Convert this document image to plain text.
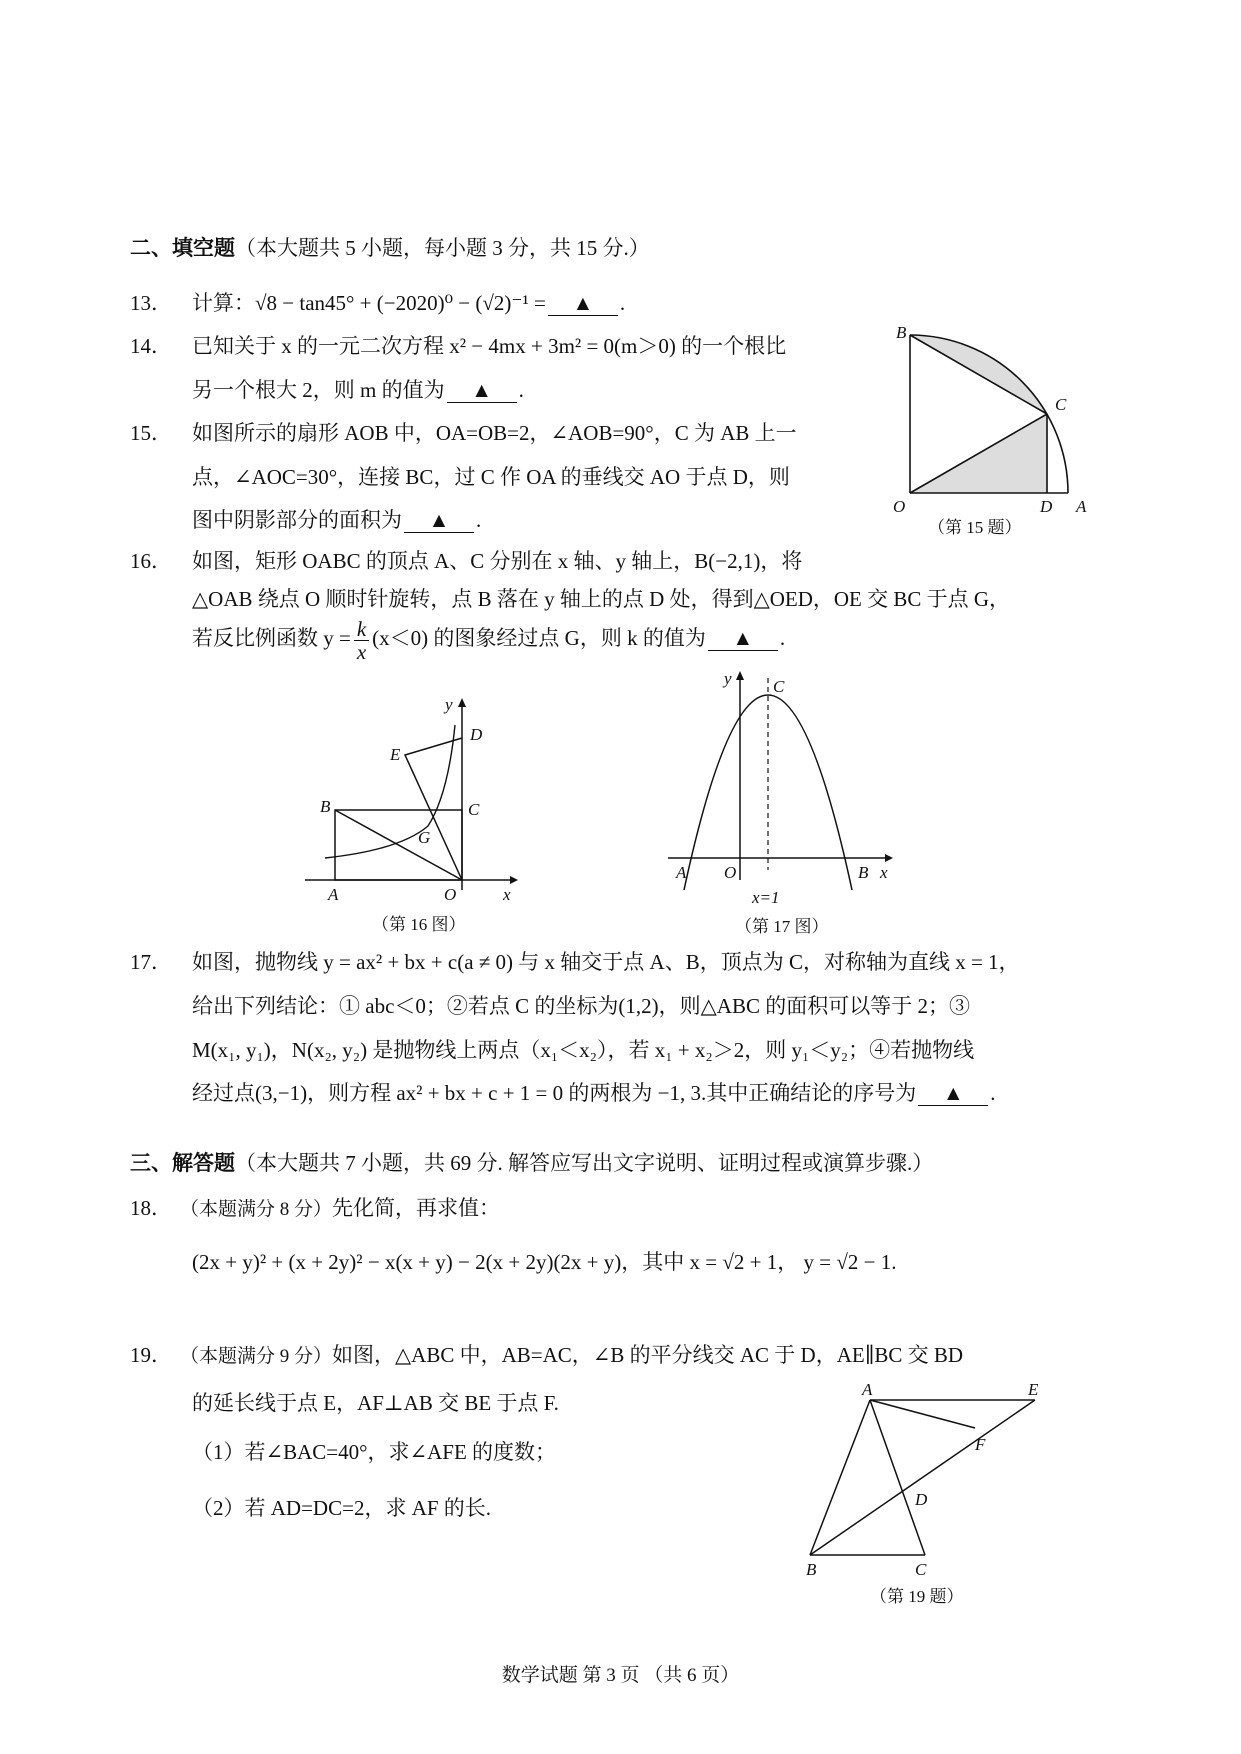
二、填空题（本大题共 5 小题，每小题 3 分，共 15 分.）
13． 计算：√8 − tan45° + (−2020)⁰ − (√2)⁻¹ = ▲ .
14． 已知关于 x 的一元二次方程 x² − 4mx + 3m² = 0(m＞0) 的一个根比
另一个根大 2，则 m 的值为 ▲ .
15． 如图所示的扇形 AOB 中，OA=OB=2，∠AOB=90°，C 为 AB 上一
点，∠AOC=30°，连接 BC，过 C 作 OA 的垂线交 AO 于点 D，则
图中阴影部分的面积为 ▲ .
B
C
O	D A
（第 15 题）
16． 如图，矩形 OABC 的顶点 A、C 分别在 x 轴、y 轴上，B(−2,1)，将
△OAB 绕点 O 顺时针旋转，点 B 落在 y 轴上的点 D 处，得到△OED，OE 交 BC 于点 G，
若反比例函数 $y = \frac{k}{x} (x<0)$ 的图象经过点 G，则 k 的值为 ▲ .
y
D
E
B	C
G
A	O	x
（第 16 图）
y C
A O	B x
x=1
（第 17 图）
17． 如图，抛物线 y = ax² + bx + c(a ≠ 0) 与 x 轴交于点 A、B，顶点为 C，对称轴为直线 x = 1，
给出下列结论：① abc＜0；②若点 C 的坐标为(1,2)，则△ABC 的面积可以等于 2；③
M(x₁, y₁)，N(x₂, y₂) 是抛物线上两点（x₁＜x₂），若 x₁ + x₂＞2，则 y₁＜y₂；④若抛物线
经过点(3,−1)，则方程 ax² + bx + c + 1 = 0 的两根为 −1, 3.其中正确结论的序号为 ▲ .
三、解答题（本大题共 7 小题，共 69 分. 解答应写出文字说明、证明过程或演算步骤.）
18． （本题满分 8 分）先化简，再求值：
(2x + y)² + (x + 2y)² − x(x + y) − 2(x + 2y)(2x + y)，其中 x = √2 + 1， y = √2 − 1.
19． （本题满分 9 分）如图，△ABC 中，AB=AC，∠B 的平分线交 AC 于 D，AE∥BC 交 BD
的延长线于点 E，AF⊥AB 交 BE 于点 F.
（1）若∠BAC=40°，求∠AFE 的度数；
（2）若 AD=DC=2，求 AF 的长.
A	E
F
D
B	C
（第 19 题）
数学试题 第 3 页 （共 6 页）
